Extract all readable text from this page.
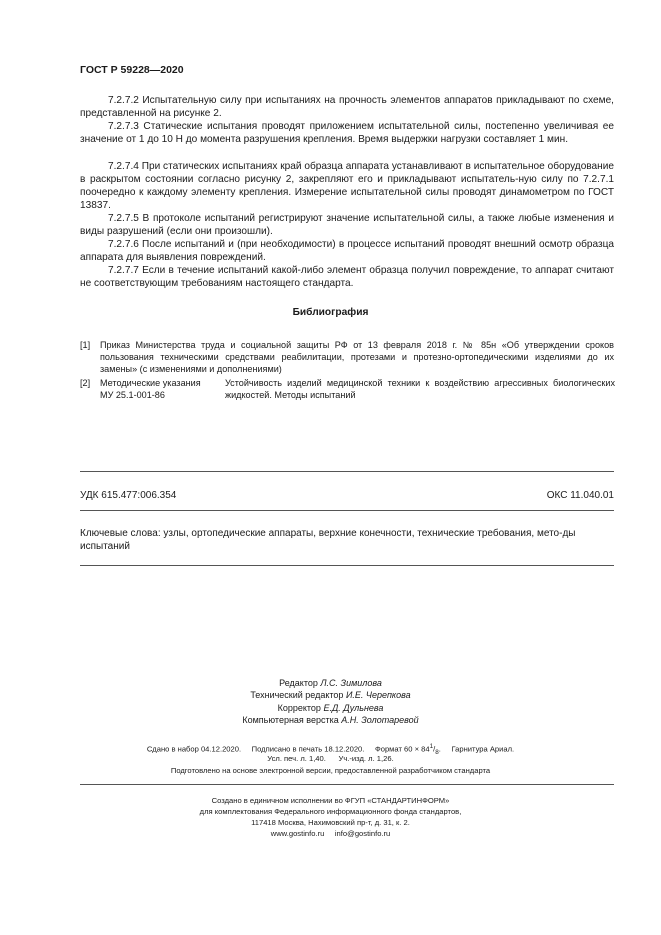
ГОСТ Р 59228—2020
7.2.7.2 Испытательную силу при испытаниях на прочность элементов аппаратов прикладывают по схеме, представленной на рисунке 2.
7.2.7.3 Статические испытания проводят приложением испытательной силы, постепенно увеличивая ее значение от 1 до 10 Н до момента разрушения крепления. Время выдержки нагрузки составляет 1 мин.
7.2.7.4 При статических испытаниях край образца аппарата устанавливают в испытательное оборудование в раскрытом состоянии согласно рисунку 2, закрепляют его и прикладывают испытатель-ную силу по 7.2.7.1 поочередно к каждому элементу крепления. Измерение испытательной силы проводят динамометром по ГОСТ 13837.
7.2.7.5 В протоколе испытаний регистрируют значение испытательной силы, а также любые изменения и виды разрушений (если они произошли).
7.2.7.6 После испытаний и (при необходимости) в процессе испытаний проводят внешний осмотр образца аппарата для выявления повреждений.
7.2.7.7 Если в течение испытаний какой-либо элемент образца получил повреждение, то аппарат считают не соответствующим требованиям настоящего стандарта.
Библиография
[1] Приказ Министерства труда и социальной защиты РФ от 13 февраля 2018 г. № 85н «Об утверждении сроков пользования техническими средствами реабилитации, протезами и протезно-ортопедическими изделиями до их замены» (с изменениями и дополнениями)
[2] Методические указания
МУ 25.1-001-86
Устойчивость изделий медицинской техники к воздействию агрессивных биологических жидкостей. Методы испытаний
УДК 615.477:006.354	ОКС 11.040.01
Ключевые слова: узлы, ортопедические аппараты, верхние конечности, технические требования, мето-ды испытаний
Редактор Л.С. Зимилова
Технический редактор И.Е. Черепкова
Корректор Е.Д. Дульнева
Компьютерная верстка А.Н. Золотаревой
Сдано в набор 04.12.2020. Подписано в печать 18.12.2020. Формат $60 \times 84^1/_8$.     Гарнитура Ариал.
Усл. печ. л. 1,40.      Уч.-изд. л. 1,26.
Подготовлено на основе электронной версии, предоставленной разработчиком стандарта
Создано в единичном исполнении во ФГУП «СТАНДАРТИНФОРМ»
для комплектования Федерального информационного фонда стандартов,
117418 Москва, Нахимовский пр-т, д. 31, к. 2.
www.gostinfo.ru     info@gostinfo.ru
